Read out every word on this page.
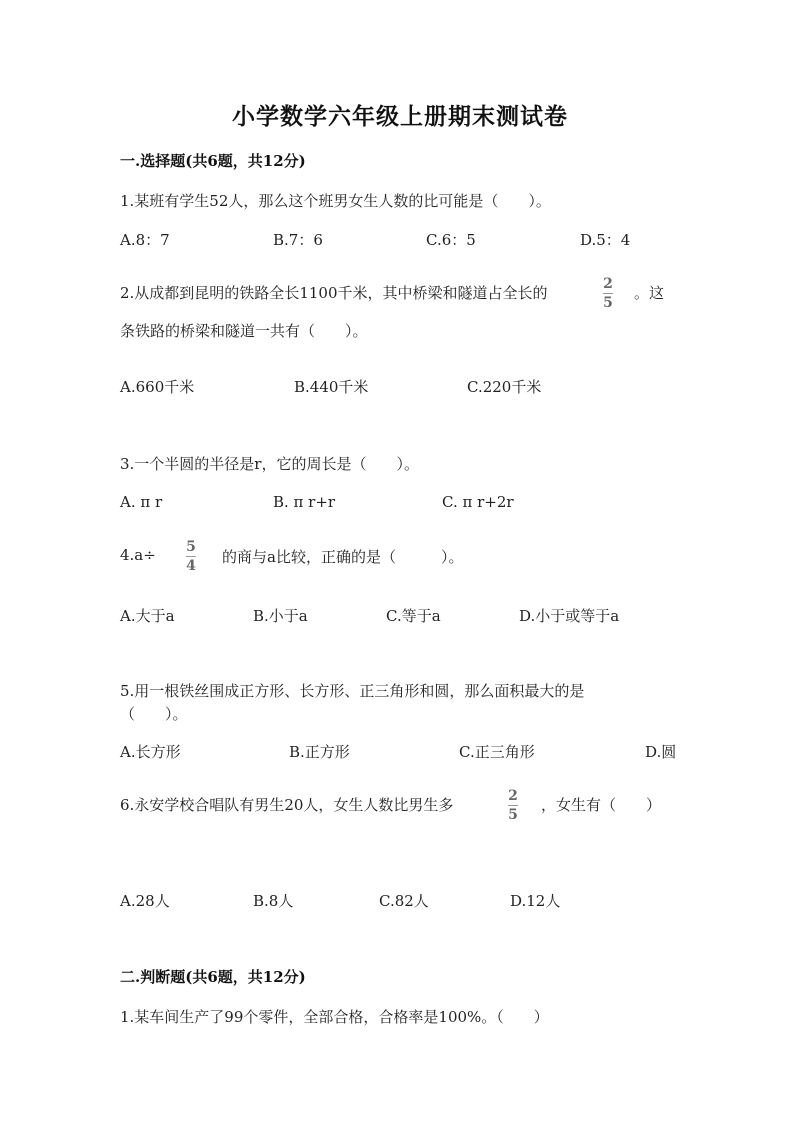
小学数学六年级上册期末测试卷
一.选择题(共6题，共12分)
1.某班有学生52人，那么这个班男女生人数的比可能是（　　）。
A.8：7	B.7：6	C.6：5	D.5：4
2.从成都到昆明的铁路全长1100千米，其中桥梁和隧道占全长的	2
5
。这
条铁路的桥梁和隧道一共有（　　）。
A.660千米	B.440千米	C.220千米
3.一个半圆的半径是r，它的周长是（　　）。
A. π r	B. π r+r	C. π r+2r
4.a÷ 5
4 的商与a比较，正确的是（　　　）。
A.大于a	B.小于a	C.等于a	D.小于或等于a
5.用一根铁丝围成正方形、长方形、正三角形和圆，那么面积最大的是
（　　）。
A.长方形	B.正方形	C.正三角形	D.圆
6.永安学校合唱队有男生20人，女生人数比男生多	2
5
，女生有（　　）
A.28人	B.8人	C.82人	D.12人
二.判断题(共6题，共12分)
1.某车间生产了99个零件，全部合格，合格率是100%。（　　）
